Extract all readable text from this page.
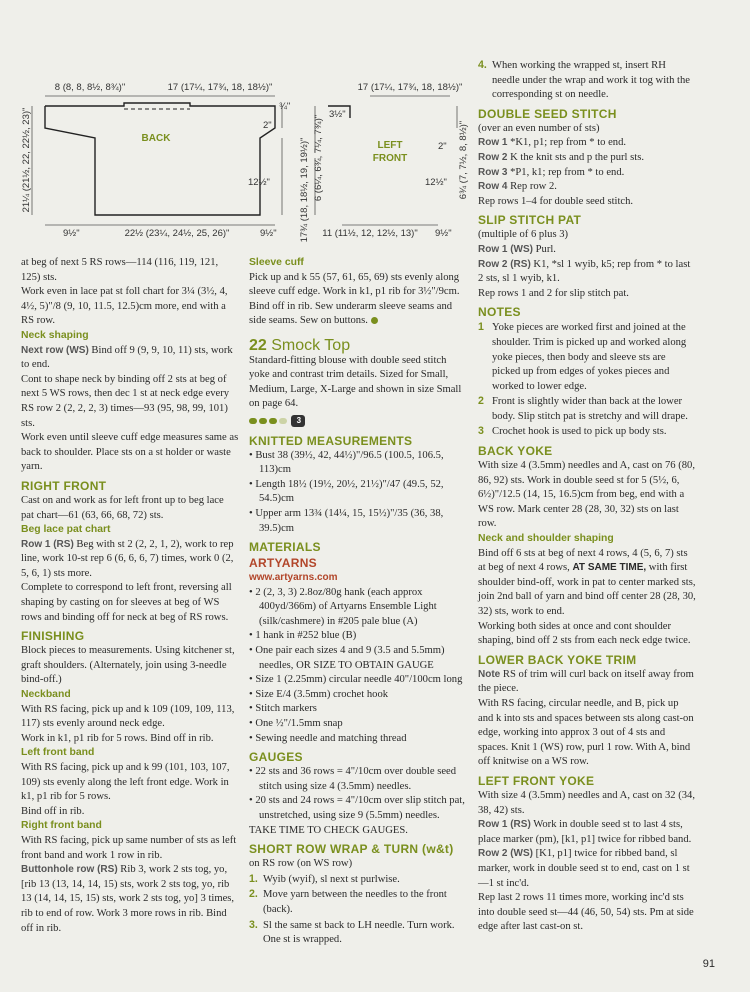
8 (8, 8, 8½, 8¾)"	17 (17¼, 17¾, 18, 18½)"
BACK
21¼ (21½, 22, 22½, 23)"
¾"
2"
12½"
9½"	22½ (23¼, 24½, 25, 26)"	9½"
17 (17¼, 17¾, 18, 18½)"
3½"
LEFT
FRONT
6 (6¼, 6¾, 7¼, 7¾)"
17¾ (18, 18½, 19, 19½)"	2" 6¾ (7, 7½, 8, 8½)"
12½"
11 (11½, 12, 12½, 13)" 9½"

at beg of next 5 RS rows—114 (116, 119, 121, 125) sts.

Work even in lace pat st foll chart for 3¼ (3½, 4, 4½, 5)"/8 (9, 10, 11.5, 12.5)cm more, end with a RS row.

Neck shaping

Next row (WS) Bind off 9 (9, 9, 10, 11) sts, work to end.

Cont to shape neck by binding off 2 sts at beg of next 5 WS rows, then dec 1 st at neck edge every RS row 2 (2, 2, 2, 3) times—93 (95, 98, 99, 101) sts.

Work even until sleeve cuff edge measures same as back to shoulder. Place sts on a st holder or waste yarn.

RIGHT FRONT

Cast on and work as for left front up to beg lace pat chart—61 (63, 66, 68, 72) sts.

Beg lace pat chart

Row 1 (RS) Beg with st 2 (2, 2, 1, 2), work to rep line, work 10-st rep 6 (6, 6, 6, 7) times, work 0 (2, 5, 6, 1) sts more.

Complete to correspond to left front, reversing all shaping by casting on for sleeves at beg of WS rows and binding off for neck at beg of RS rows.

FINISHING

Block pieces to measurements. Using kitchener st, graft shoulders. (Alternately, join using 3-needle bind-off.)

Neckband

With RS facing, pick up and k 109 (109, 109, 113, 117) sts evenly around neck edge.

Work in k1, p1 rib for 5 rows. Bind off in rib.

Left front band

With RS facing, pick up and k 99 (101, 103, 107, 109) sts evenly along the left front edge. Work in k1, p1 rib for 5 rows.

Bind off in rib.

Right front band

With RS facing, pick up same number of sts as left front band and work 1 row in rib.

Buttonhole row (RS) Rib 3, work 2 sts tog, yo, [rib 13 (13, 14, 14, 15) sts, work 2 sts tog, yo, rib 13 (14, 14, 15, 15) sts, work 2 sts tog, yo] 3 times, rib to end of row. Work 3 more rows in rib. Bind off in rib.

Sleeve cuff

Pick up and k 55 (57, 61, 65, 69) sts evenly along sleeve cuff edge. Work in k1, p1 rib for 3½"/9cm. Bind off in rib. Sew underarm sleeve seams and side seams. Sew on buttons.

22 Smock Top

Standard-fitting blouse with double seed stitch yoke and contrast trim details. Sized for Small, Medium, Large, X-Large and shown in size Small on page 64.

3
KNITTED MEASUREMENTS

• Bust 38 (39½, 42, 44½)"/96.5 (100.5, 106.5, 113)cm

• Length 18½ (19½, 20½, 21½)"/47 (49.5, 52, 54.5)cm

• Upper arm 13¾ (14¼, 15, 15½)"/35 (36, 38, 39.5)cm

MATERIALS
ARTYARNS
www.artyarns.com

• 2 (2, 3, 3) 2.8oz/80g hank (each approx 400yd/366m) of Artyarns Ensemble Light (silk/cashmere) in #205 pale blue (A)

• 1 hank in #252 blue (B)

• One pair each sizes 4 and 9 (3.5 and 5.5mm) needles, OR SIZE TO OBTAIN GAUGE

• Size 1 (2.25mm) circular needle 40"/100cm long

• Size E/4 (3.5mm) crochet hook

• Stitch markers

• One ½"/1.5mm snap

• Sewing needle and matching thread

GAUGES

• 22 sts and 36 rows = 4"/10cm over double seed stitch using size 4 (3.5mm) needles.

• 20 sts and 24 rows = 4"/10cm over slip stitch pat, unstretched, using size 9 (5.5mm) needles.

TAKE TIME TO CHECK GAUGES.

SHORT ROW WRAP & TURN (w&t)

on RS row (on WS row)

1. Wyib (wyif), sl next st purlwise.

2. Move yarn between the needles to the front (back).

3. Sl the same st back to LH needle. Turn work. One st is wrapped.

4. When working the wrapped st, insert RH needle under the wrap and work it tog with the corresponding st on needle.

DOUBLE SEED STITCH

(over an even number of sts)

Row 1 *K1, p1; rep from * to end.

Row 2 K the knit sts and p the purl sts.

Row 3 *P1, k1; rep from * to end.

Row 4 Rep row 2.

Rep rows 1–4 for double seed stitch.

SLIP STITCH PAT

(multiple of 6 plus 3)

Row 1 (WS) Purl.

Row 2 (RS) K1, *sl 1 wyib, k5; rep from * to last 2 sts, sl 1 wyib, k1.

Rep rows 1 and 2 for slip stitch pat.

NOTES

1 Yoke pieces are worked first and joined at the shoulder. Trim is picked up and worked along yoke pieces, then body and sleeve sts are picked up from edges of yokes pieces and worked to lower edge.

2 Front is slightly wider than back at the lower body. Slip stitch pat is stretchy and will drape.

3 Crochet hook is used to pick up body sts.

BACK YOKE

With size 4 (3.5mm) needles and A, cast on 76 (80, 86, 92) sts. Work in double seed st for 5 (5½, 6, 6½)"/12.5 (14, 15, 16.5)cm from beg, end with a WS row. Mark center 28 (28, 30, 32) sts on last row.

Neck and shoulder shaping

Bind off 6 sts at beg of next 4 rows, 4 (5, 6, 7) sts at beg of next 4 rows, AT SAME TIME, with first shoulder bind-off, work in pat to center marked sts, join 2nd ball of yarn and bind off center 28 (28, 30, 32) sts, work to end.

Working both sides at once and cont shoulder shaping, bind off 2 sts from each neck edge twice.

LOWER BACK YOKE TRIM

Note RS of trim will curl back on itself away from the piece.

With RS facing, circular needle, and B, pick up and k into sts and spaces between sts along cast-on edge, working into approx 3 out of 4 sts and spaces. Knit 1 (WS) row, purl 1 row. With A, bind off knitwise on a WS row.

LEFT FRONT YOKE

With size 4 (3.5mm) needles and A, cast on 32 (34, 38, 42) sts.

Row 1 (RS) Work in double seed st to last 4 sts, place marker (pm), [k1, p1] twice for ribbed band.

Row 2 (WS) [K1, p1] twice for ribbed band, sl marker, work in double seed st to end, cast on 1 st—1 st inc'd.

Rep last 2 rows 11 times more, working inc'd sts into double seed st—44 (46, 50, 54) sts. Pm at side edge after last cast-on st.

91
